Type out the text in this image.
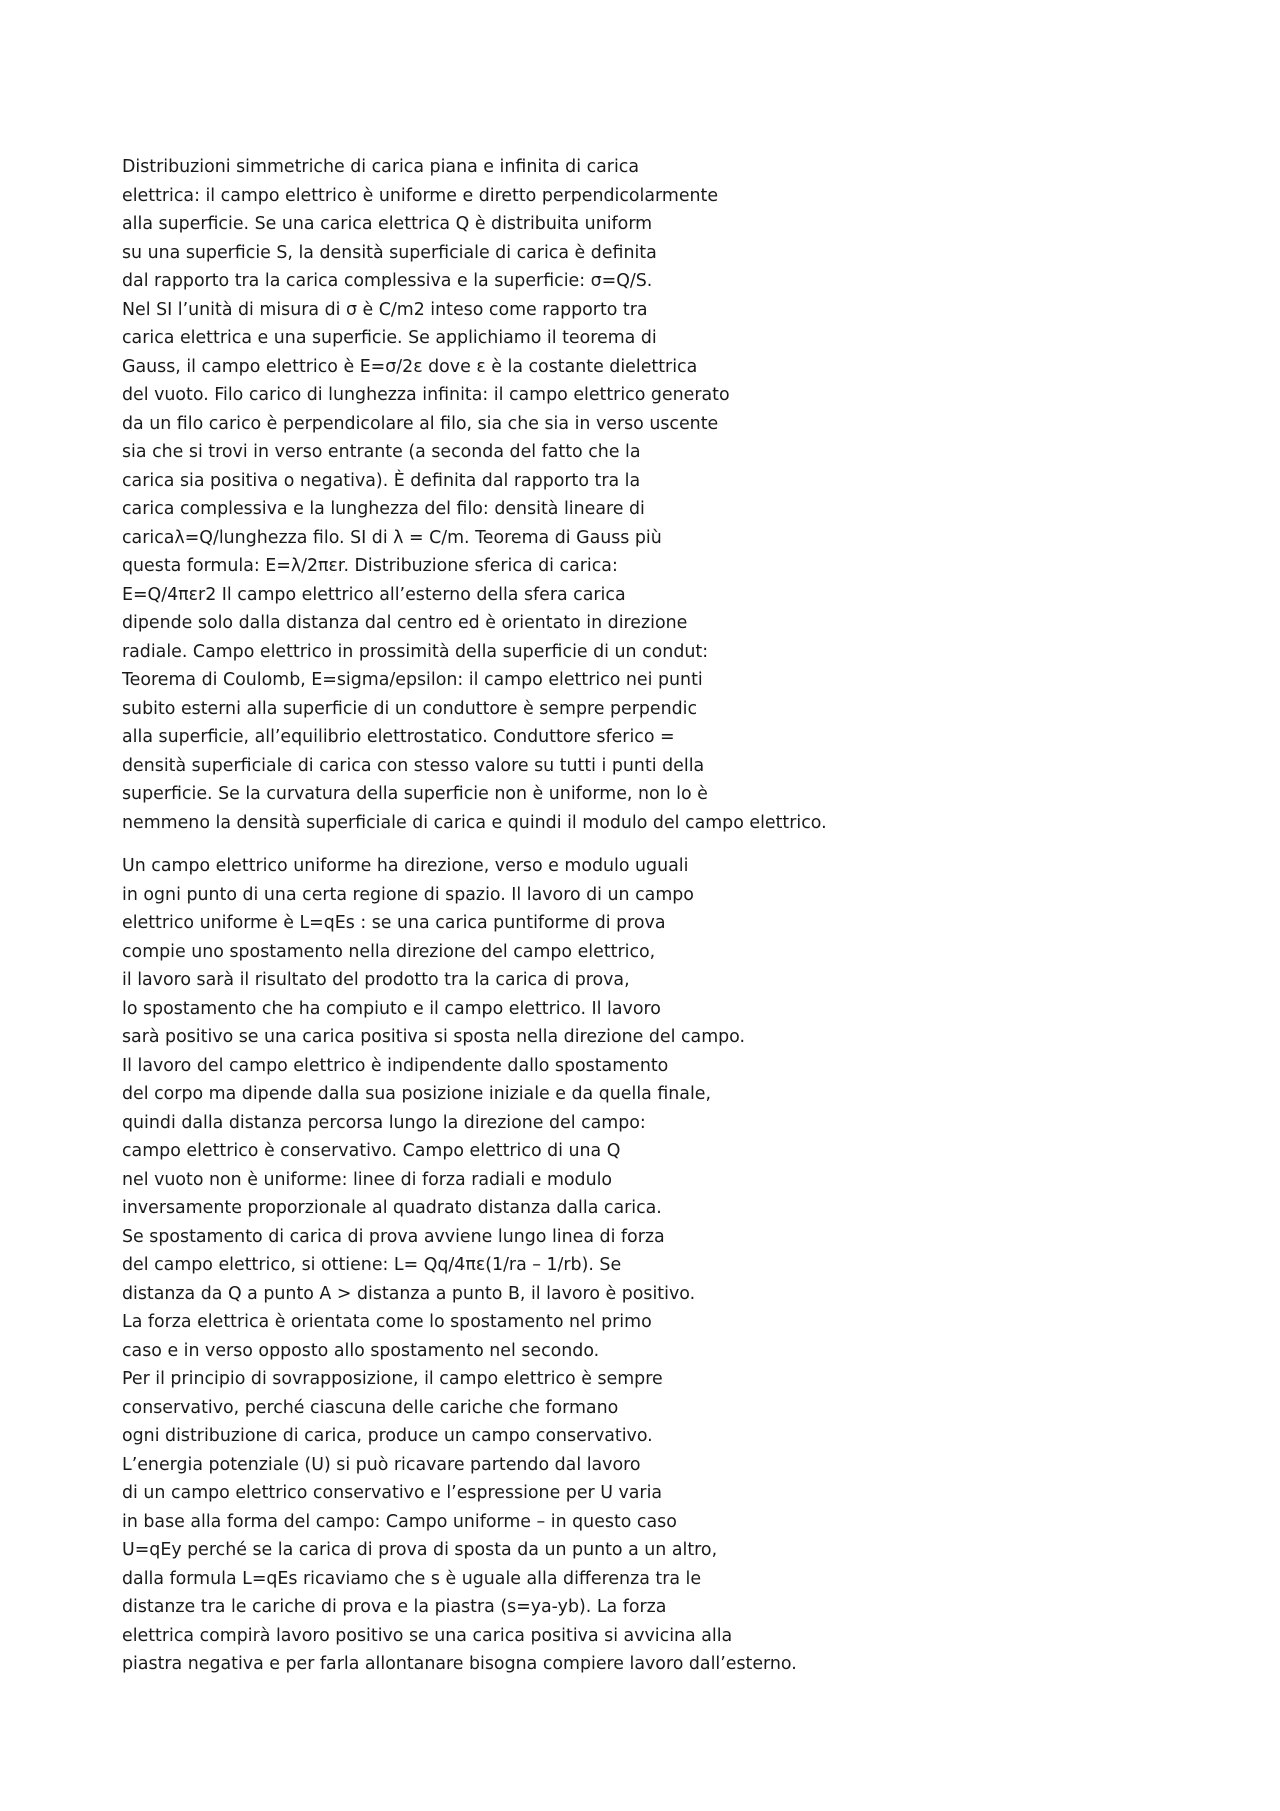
Distribuzioni simmetriche di carica piana e infinita di carica
elettrica: il campo elettrico è uniforme e diretto perpendicolarmente
alla superficie. Se una carica elettrica Q è distribuita uniform
su una superficie S, la densità superficiale di carica è definita
dal rapporto tra la carica complessiva e la superficie: σ=Q/S.
Nel SI l’unità di misura di σ è C/m2 inteso come rapporto tra
carica elettrica e una superficie. Se applichiamo il teorema di
Gauss, il campo elettrico è E=σ/2ε dove ε è la costante dielettrica
del vuoto. Filo carico di lunghezza infinita: il campo elettrico generato
da un filo carico è perpendicolare al filo, sia che sia in verso uscente
sia che si trovi in verso entrante (a seconda del fatto che la
carica sia positiva o negativa). È definita dal rapporto tra la
carica complessiva e la lunghezza del filo: densità lineare di
caricaλ=Q/lunghezza filo. SI di λ = C/m. Teorema di Gauss più
questa formula: E=λ/2πεr. Distribuzione sferica di carica:
E=Q/4πεr2 Il campo elettrico all’esterno della sfera carica
dipende solo dalla distanza dal centro ed è orientato in direzione
radiale. Campo elettrico in prossimità della superficie di un condut:
Teorema di Coulomb, E=sigma/epsilon: il campo elettrico nei punti
subito esterni alla superficie di un conduttore è sempre perpendic
alla superficie, all’equilibrio elettrostatico. Conduttore sferico =
densità superficiale di carica con stesso valore su tutti i punti della
superficie. Se la curvatura della superficie non è uniforme, non lo è
nemmeno la densità superficiale di carica e quindi il modulo del campo elettrico.
Un campo elettrico uniforme ha direzione, verso e modulo uguali
in ogni punto di una certa regione di spazio. Il lavoro di un campo
elettrico uniforme è L=qEs : se una carica puntiforme di prova
compie uno spostamento nella direzione del campo elettrico,
il lavoro sarà il risultato del prodotto tra la carica di prova,
lo spostamento che ha compiuto e il campo elettrico. Il lavoro
sarà positivo se una carica positiva si sposta nella direzione del campo.
Il lavoro del campo elettrico è indipendente dallo spostamento
del corpo ma dipende dalla sua posizione iniziale e da quella finale,
quindi dalla distanza percorsa lungo la direzione del campo:
campo elettrico è conservativo. Campo elettrico di una Q
nel vuoto non è uniforme: linee di forza radiali e modulo
inversamente proporzionale al quadrato distanza dalla carica.
Se spostamento di carica di prova avviene lungo linea di forza
del campo elettrico, si ottiene: L= Qq/4πε(1/ra – 1/rb). Se
distanza da Q a punto A > distanza a punto B, il lavoro è positivo.
La forza elettrica è orientata come lo spostamento nel primo
caso e in verso opposto allo spostamento nel secondo.
Per il principio di sovrapposizione, il campo elettrico è sempre
conservativo, perché ciascuna delle cariche che formano
ogni distribuzione di carica, produce un campo conservativo.
L’energia potenziale (U) si può ricavare partendo dal lavoro
di un campo elettrico conservativo e l’espressione per U varia
in base alla forma del campo: Campo uniforme – in questo caso
U=qEy perché se la carica di prova di sposta da un punto a un altro,
dalla formula L=qEs ricaviamo che s è uguale alla differenza tra le
distanze tra le cariche di prova e la piastra (s=ya-yb). La forza
elettrica compirà lavoro positivo se una carica positiva si avvicina alla
piastra negativa e per farla allontanare bisogna compiere lavoro dall’esterno.
